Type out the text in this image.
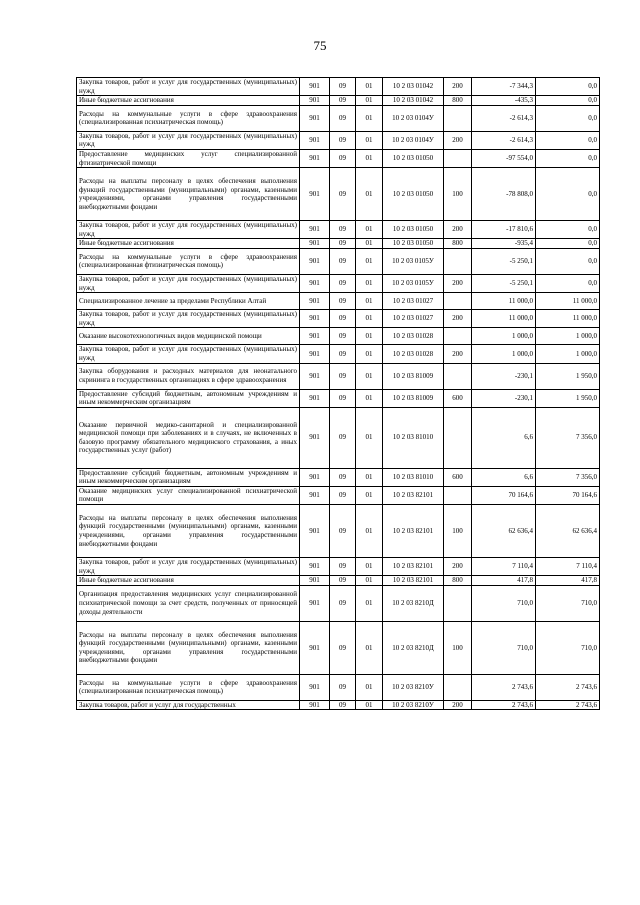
75
Закупка товаров, работ и услуг для государственных (муниципальных) нужд	901	09	01	10 2 03 01042	200	-7 344,3	0,0
Иные бюджетные ассигнования	901	09	01	10 2 03 01042	800	-435,3	0,0
Расходы на коммунальные услуги в сфере здравоохранения (специализированная психиатрическая помощь)	901	09	01	10 2 03 0104У		-2 614,3	0,0
Закупка товаров, работ и услуг для государственных (муниципальных) нужд	901	09	01	10 2 03 0104У	200	-2 614,3	0,0
Предоставление медицинских услуг специализированной фтизиатрической помощи	901	09	01	10 2 03 01050		-97 554,0	0,0
Расходы на выплаты персоналу в целях обеспечения выполнения функций государственными (муниципальными) органами, казенными учреждениями, органами управления государственными внебюджетными фондами	901	09	01	10 2 03 01050	100	-78 808,0	0,0
Закупка товаров, работ и услуг для государственных (муниципальных) нужд	901	09	01	10 2 03 01050	200	-17 810,6	0,0
Иные бюджетные ассигнования	901	09	01	10 2 03 01050	800	-935,4	0,0
Расходы на коммунальные услуги в сфере здравоохранения (специализированная фтизиатрическая помощь)	901	09	01	10 2 03 0105У		-5 250,1	0,0
Закупка товаров, работ и услуг для государственных (муниципальных) нужд	901	09	01	10 2 03 0105У	200	-5 250,1	0,0
Специализированное лечение за пределами Республики Алтай	901	09	01	10 2 03 01027		11 000,0	11 000,0
Закупка товаров, работ и услуг для государственных (муниципальных) нужд	901	09	01	10 2 03 01027	200	11 000,0	11 000,0
Оказание высокотехнологичных видов медицинской помощи	901	09	01	10 2 03 01028		1 000,0	1 000,0
Закупка товаров, работ и услуг для государственных (муниципальных) нужд	901	09	01	10 2 03 01028	200	1 000,0	1 000,0
Закупка оборудования и расходных материалов для неонатального скрининга в государственных организациях в сфере здравоохранения	901	09	01	10 2 03 81009		-230,1	1 950,0
Предоставление субсидий бюджетным, автономным учреждениям и иным некоммерческим организациям	901	09	01	10 2 03 81009	600	-230,1	1 950,0
Оказание первичной медико-санитарной и специализированной медицинской помощи при заболеваниях и в случаях, не включенных в базовую программу обязательного медицинского страхования, а иных государственных услуг (работ)	901	09	01	10 2 03 81010		6,6	7 356,0
Предоставление субсидий бюджетным, автономным учреждениям и иным некоммерческим организациям	901	09	01	10 2 03 81010	600	6,6	7 356,0
Оказание медицинских услуг специализированной психиатрической помощи	901	09	01	10 2 03 82101		70 164,6	70 164,6
Расходы на выплаты персоналу в целях обеспечения выполнения функций государственными (муниципальными) органами, казенными учреждениями, органами управления государственными внебюджетными фондами	901	09	01	10 2 03 82101	100	62 636,4	62 636,4
Закупка товаров, работ и услуг для государственных (муниципальных) нужд	901	09	01	10 2 03 82101	200	7 110,4	7 110,4
Иные бюджетные ассигнования	901	09	01	10 2 03 82101	800	417,8	417,8
Организация предоставления медицинских услуг специализированной психиатрической помощи за счет средств, полученных от приносящей доходы деятельности	901	09	01	10 2 03 8210Д		710,0	710,0
Расходы на выплаты персоналу в целях обеспечения выполнения функций государственными (муниципальными) органами, казенными учреждениями, органами управления государственными внебюджетными фондами	901	09	01	10 2 03 8210Д	100	710,0	710,0
Расходы на коммунальные услуги в сфере здравоохранения (специализированная психиатрическая помощь)	901	09	01	10 2 03 8210У		2 743,6	2 743,6
Закупка товаров, работ и услуг для государственных	901	09	01	10 2 03 8210У	200	2 743,6	2 743,6
